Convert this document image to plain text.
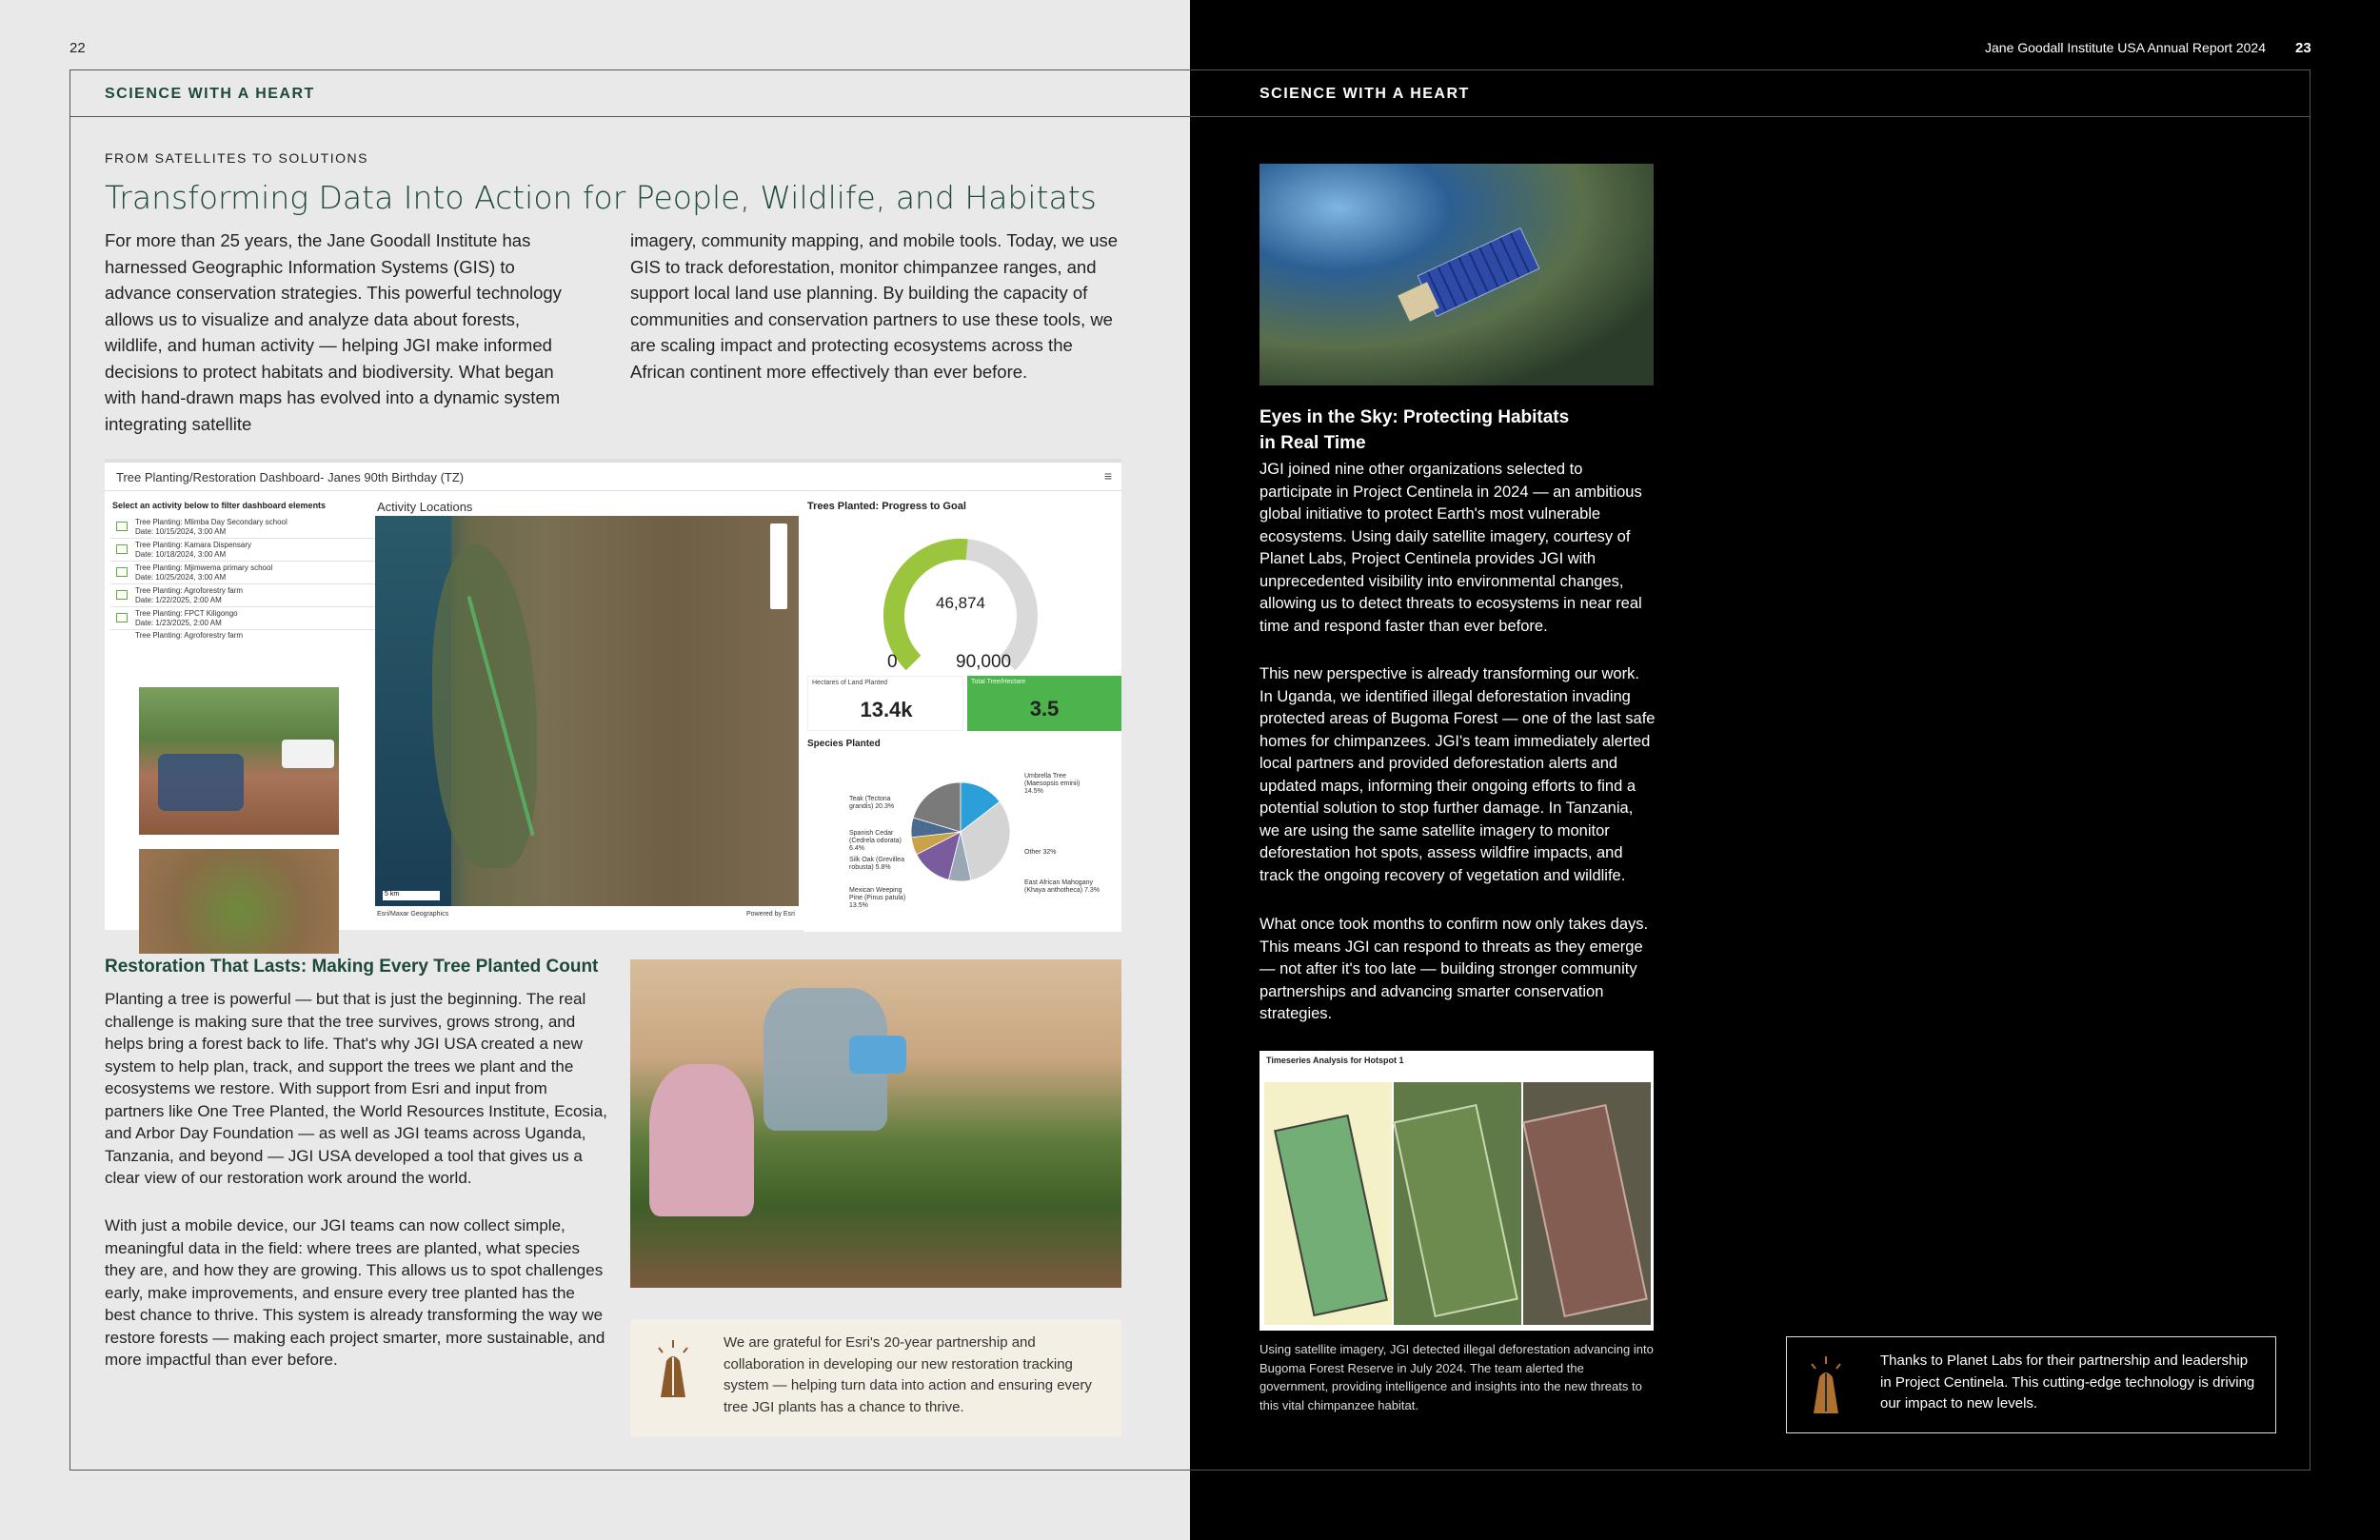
22
SCIENCE WITH A HEART
FROM SATELLITES TO SOLUTIONS
Transforming Data Into Action for People, Wildlife, and Habitats
For more than 25 years, the Jane Goodall Institute has harnessed Geographic Information Systems (GIS) to advance conservation strategies. This powerful technology allows us to visualize and analyze data about forests, wildlife, and human activity — helping JGI make informed decisions to protect habitats and biodiversity. What began with hand-drawn maps has evolved into a dynamic system integrating satellite
imagery, community mapping, and mobile tools. Today, we use GIS to track deforestation, monitor chimpanzee ranges, and support local land use planning. By building the capacity of communities and conservation partners to use these tools, we are scaling impact and protecting ecosystems across the African continent more effectively than ever before.
Tree Planting/Restoration Dashboard- Janes 90th Birthday (TZ)	≡
Select an activity below to filter dashboard elements
Tree Planting: Mlimba Day Secondary school
Date: 10/15/2024, 3:00 AM
Tree Planting: Kamara Dispensary
Date: 10/18/2024, 3:00 AM
Tree Planting: Mjimwema primary school
Date: 10/25/2024, 3:00 AM
Tree Planting: Agroforestry farm
Date: 1/22/2025, 2:00 AM
Tree Planting: FPCT Kiligongo
Date: 1/23/2025, 2:00 AM
Tree Planting: Agroforestry farm
Activity Locations
5 km
Esri/Maxar Geographics	Powered by Esri
Trees Planted: Progress to Goal
46,874
0	90,000
Hectares of Land Planted
13.4k
Total Tree/Hectare
3.5
Species Planted
Teak (Tectona grandis) 20.3%
Spanish Cedar (Cedrela odorata) 6.4%
Silk Oak (Grevillea robusta) 5.8%
Mexican Weeping Pine (Pinus patula) 13.5%
Umbrella Tree (Maesopsis eminii) 14.5%
Other 32%
East African Mahogany (Khaya anthotheca) 7.3%
Restoration That Lasts: Making Every Tree Planted Count
Planting a tree is powerful — but that is just the beginning. The real challenge is making sure that the tree survives, grows strong, and helps bring a forest back to life. That's why JGI USA created a new system to help plan, track, and support the trees we plant and the ecosystems we restore. With support from Esri and input from partners like One Tree Planted, the World Resources Institute, Ecosia, and Arbor Day Foundation — as well as JGI teams across Uganda, Tanzania, and beyond — JGI USA developed a tool that gives us a clear view of our restoration work around the world.
With just a mobile device, our JGI teams can now collect simple, meaningful data in the field: where trees are planted, what species they are, and how they are growing. This allows us to spot challenges early, make improvements, and ensure every tree planted has the best chance to thrive. This system is already transforming the way we restore forests — making each project smarter, more sustainable, and more impactful than ever before.
We are grateful for Esri's 20-year partnership and collaboration in developing our new restoration tracking system — helping turn data into action and ensuring every tree JGI plants has a chance to thrive.
Jane Goodall Institute USA Annual Report 2024 23
SCIENCE WITH A HEART
Eyes in the Sky: Protecting Habitats
in Real Time
JGI joined nine other organizations selected to participate in Project Centinela in 2024 — an ambitious global initiative to protect Earth's most vulnerable ecosystems. Using daily satellite imagery, courtesy of Planet Labs, Project Centinela provides JGI with unprecedented visibility into environmental changes, allowing us to detect threats to ecosystems in near real time and respond faster than ever before.
This new perspective is already transforming our work. In Uganda, we identified illegal deforestation invading protected areas of Bugoma Forest — one of the last safe homes for chimpanzees. JGI's team immediately alerted local partners and provided deforestation alerts and updated maps, informing their ongoing efforts to find a potential solution to stop further damage. In Tanzania, we are using the same satellite imagery to monitor deforestation hot spots, assess wildfire impacts, and track the ongoing recovery of vegetation and wildlife.
What once took months to confirm now only takes days. This means JGI can respond to threats as they emerge — not after it's too late — building stronger community partnerships and advancing smarter conservation strategies.
Timeseries Analysis for Hotspot 1
Using satellite imagery, JGI detected illegal deforestation advancing into Bugoma Forest Reserve in July 2024. The team alerted the government, providing intelligence and insights into the new threats to this vital chimpanzee habitat.
Thanks to Planet Labs for their partnership and leadership in Project Centinela. This cutting-edge technology is driving our impact to new levels.
